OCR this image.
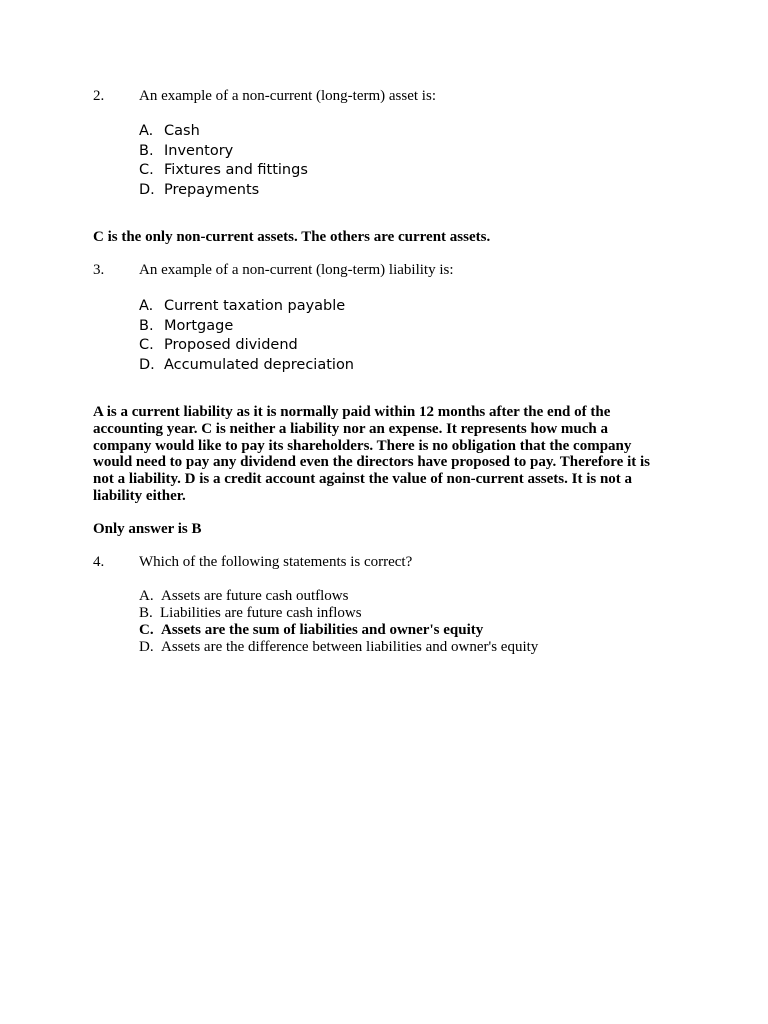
2. An example of a non-current (long-term) asset is:
A. Cash
B. Inventory
C. Fixtures and fittings
D. Prepayments
C is the only non-current assets. The others are current assets.
3. An example of a non-current (long-term) liability is:
A. Current taxation payable
B. Mortgage
C. Proposed dividend
D. Accumulated depreciation
A is a current liability as it is normally paid within 12 months after the end of the
accounting year. C is neither a liability nor an expense. It represents how much a
company would like to pay its shareholders. There is no obligation that the company
would need to pay any dividend even the directors have proposed to pay. Therefore it is
not a liability. D is a credit account against the value of non-current assets. It is not a
liability either.
Only answer is B
4. Which of the following statements is correct?
A. Assets are future cash outflows
B. Liabilities are future cash inflows
C. Assets are the sum of liabilities and owner's equity
D. Assets are the difference between liabilities and owner's equity
